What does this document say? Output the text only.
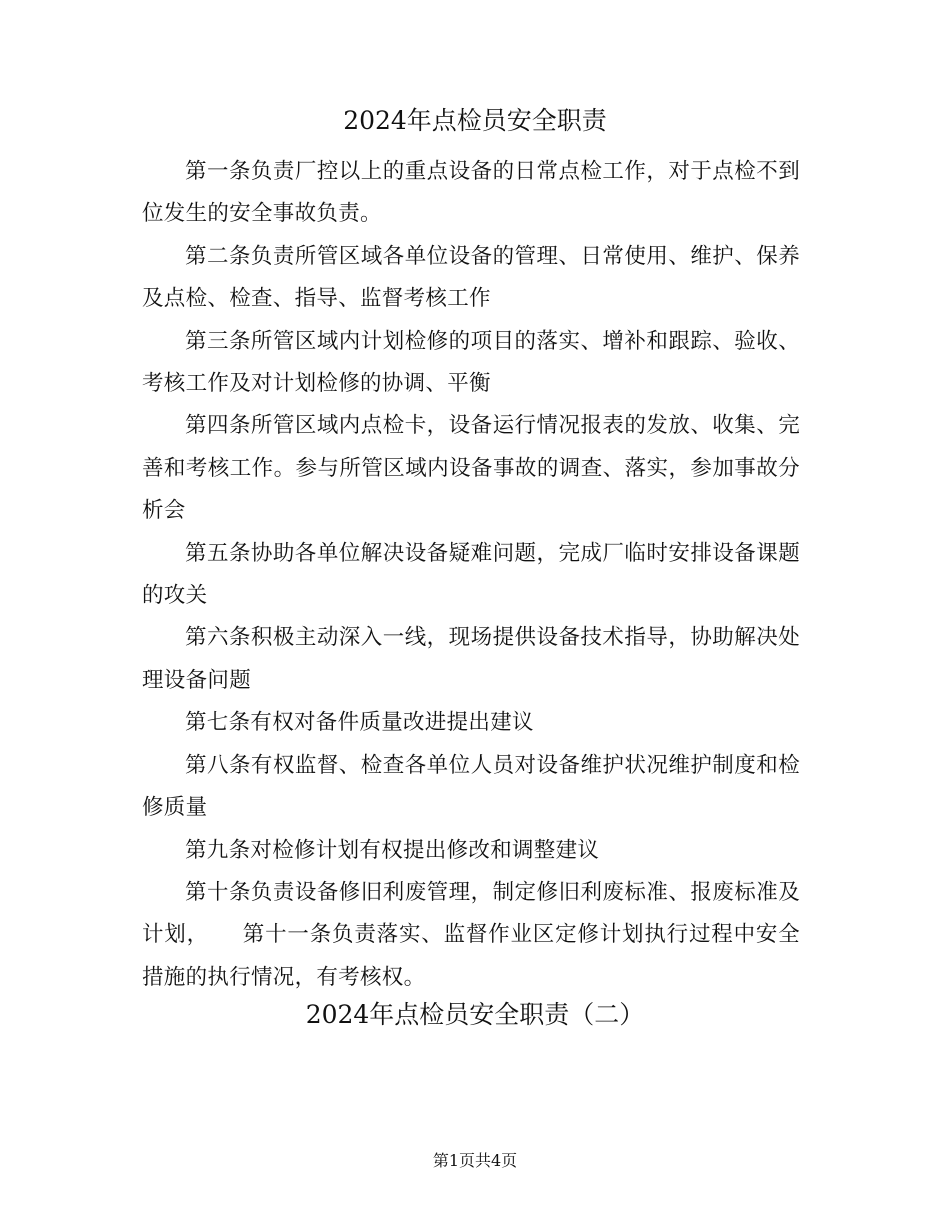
2024年点检员安全职责

第一条负责厂控以上的重点设备的日常点检工作，对于点检不到位发生的安全事故负责。

第二条负责所管区域各单位设备的管理、日常使用、维护、保养及点检、检查、指导、监督考核工作

第三条所管区域内计划检修的项目的落实、增补和跟踪、验收、考核工作及对计划检修的协调、平衡

第四条所管区域内点检卡，设备运行情况报表的发放、收集、完善和考核工作。参与所管区域内设备事故的调查、落实，参加事故分析会

第五条协助各单位解决设备疑难问题，完成厂临时安排设备课题的攻关

第六条积极主动深入一线，现场提供设备技术指导，协助解决处理设备问题

第七条有权对备件质量改进提出建议

第八条有权监督、检查各单位人员对设备维护状况维护制度和检修质量

第九条对检修计划有权提出修改和调整建议

第十条负责设备修旧利废管理，制定修旧利废标准、报废标准及计划，　　第十一条负责落实、监督作业区定修计划执行过程中安全措施的执行情况，有考核权。

2024年点检员安全职责（二）
第1页共4页
